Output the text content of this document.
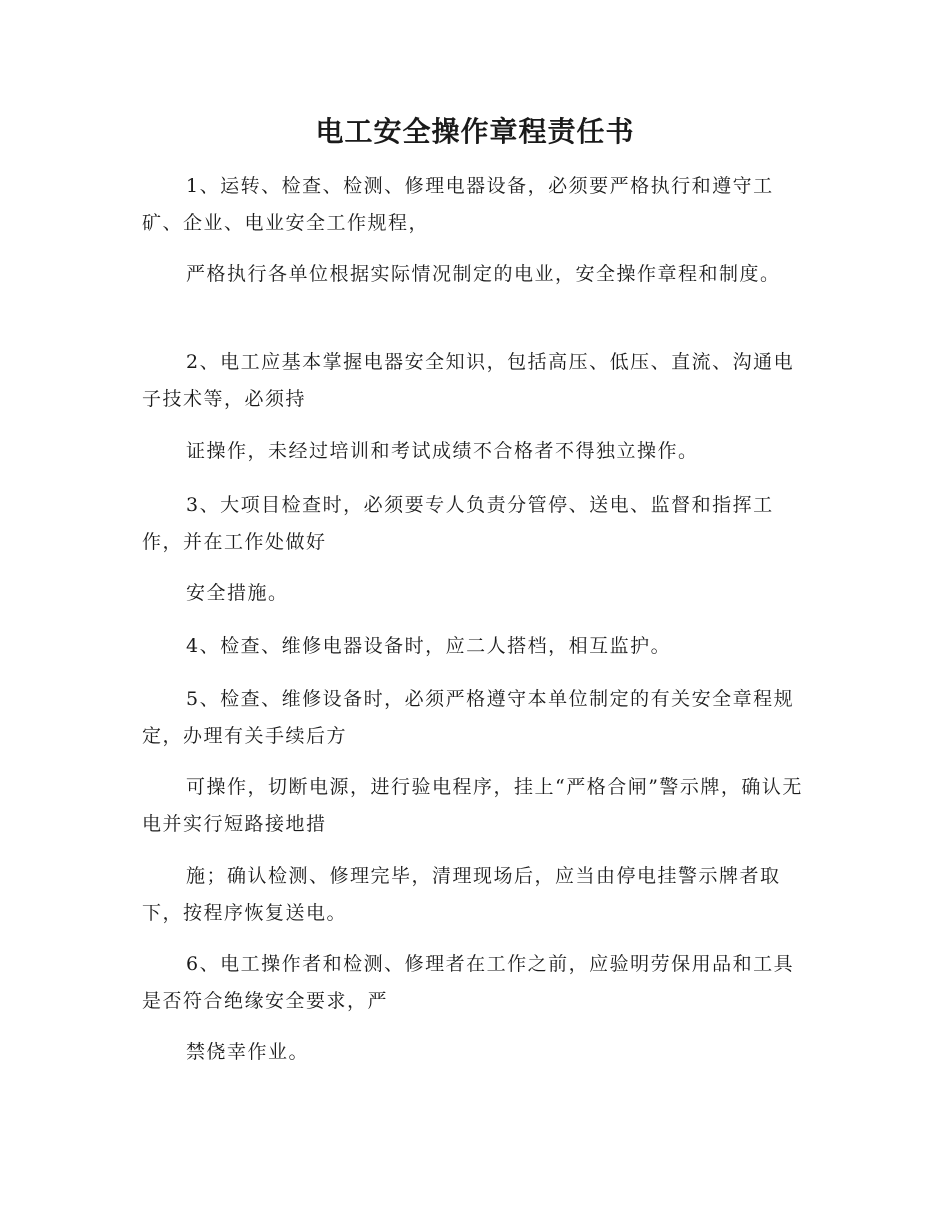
电工安全操作章程责任书

1、运转、检查、检测、修理电器设备，必须要严格执行和遵守工矿、企业、电业安全工作规程，

严格执行各单位根据实际情况制定的电业，安全操作章程和制度。

2、电工应基本掌握电器安全知识，包括高压、低压、直流、沟通电子技术等，必须持

证操作，未经过培训和考试成绩不合格者不得独立操作。

3、大项目检查时，必须要专人负责分管停、送电、监督和指挥工作，并在工作处做好

安全措施。

4、检查、维修电器设备时，应二人搭档，相互监护。

5、检查、维修设备时，必须严格遵守本单位制定的有关安全章程规定，办理有关手续后方

可操作，切断电源，进行验电程序，挂上“严格合闸”警示牌，确认无电并实行短路接地措

施；确认检测、修理完毕，清理现场后，应当由停电挂警示牌者取下，按程序恢复送电。

6、电工操作者和检测、修理者在工作之前，应验明劳保用品和工具是否符合绝缘安全要求，严

禁侥幸作业。
